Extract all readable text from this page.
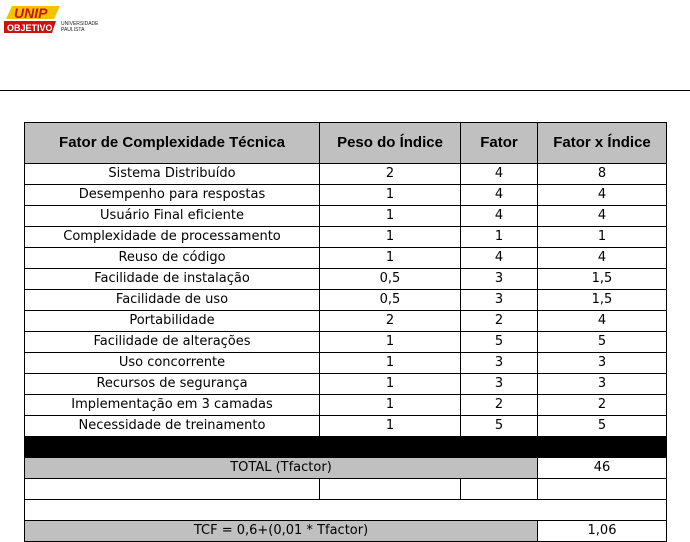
UNIP
OBJETIVO UNIVERSIDADE
PAULISTA
Fator de Complexidade Técnica	Peso do Índice	Fator	Fator x Índice
Sistema Distribuído	2	4	8
Desempenho para respostas	1	4	4
Usuário Final eficiente	1	4	4
Complexidade de processamento	1	1	1
Reuso de código	1	4	4
Facilidade de instalação	0,5	3	1,5
Facilidade de uso	0,5	3	1,5
Portabilidade	2	2	4
Facilidade de alterações	1	5	5
Uso concorrente	1	3	3
Recursos de segurança	1	3	3
Implementação em 3 camadas	1	2	2
Necessidade de treinamento	1	5	5

TOTAL (Tfactor)			46

TCF = 0,6+(0,01 * Tfactor)			1,06
